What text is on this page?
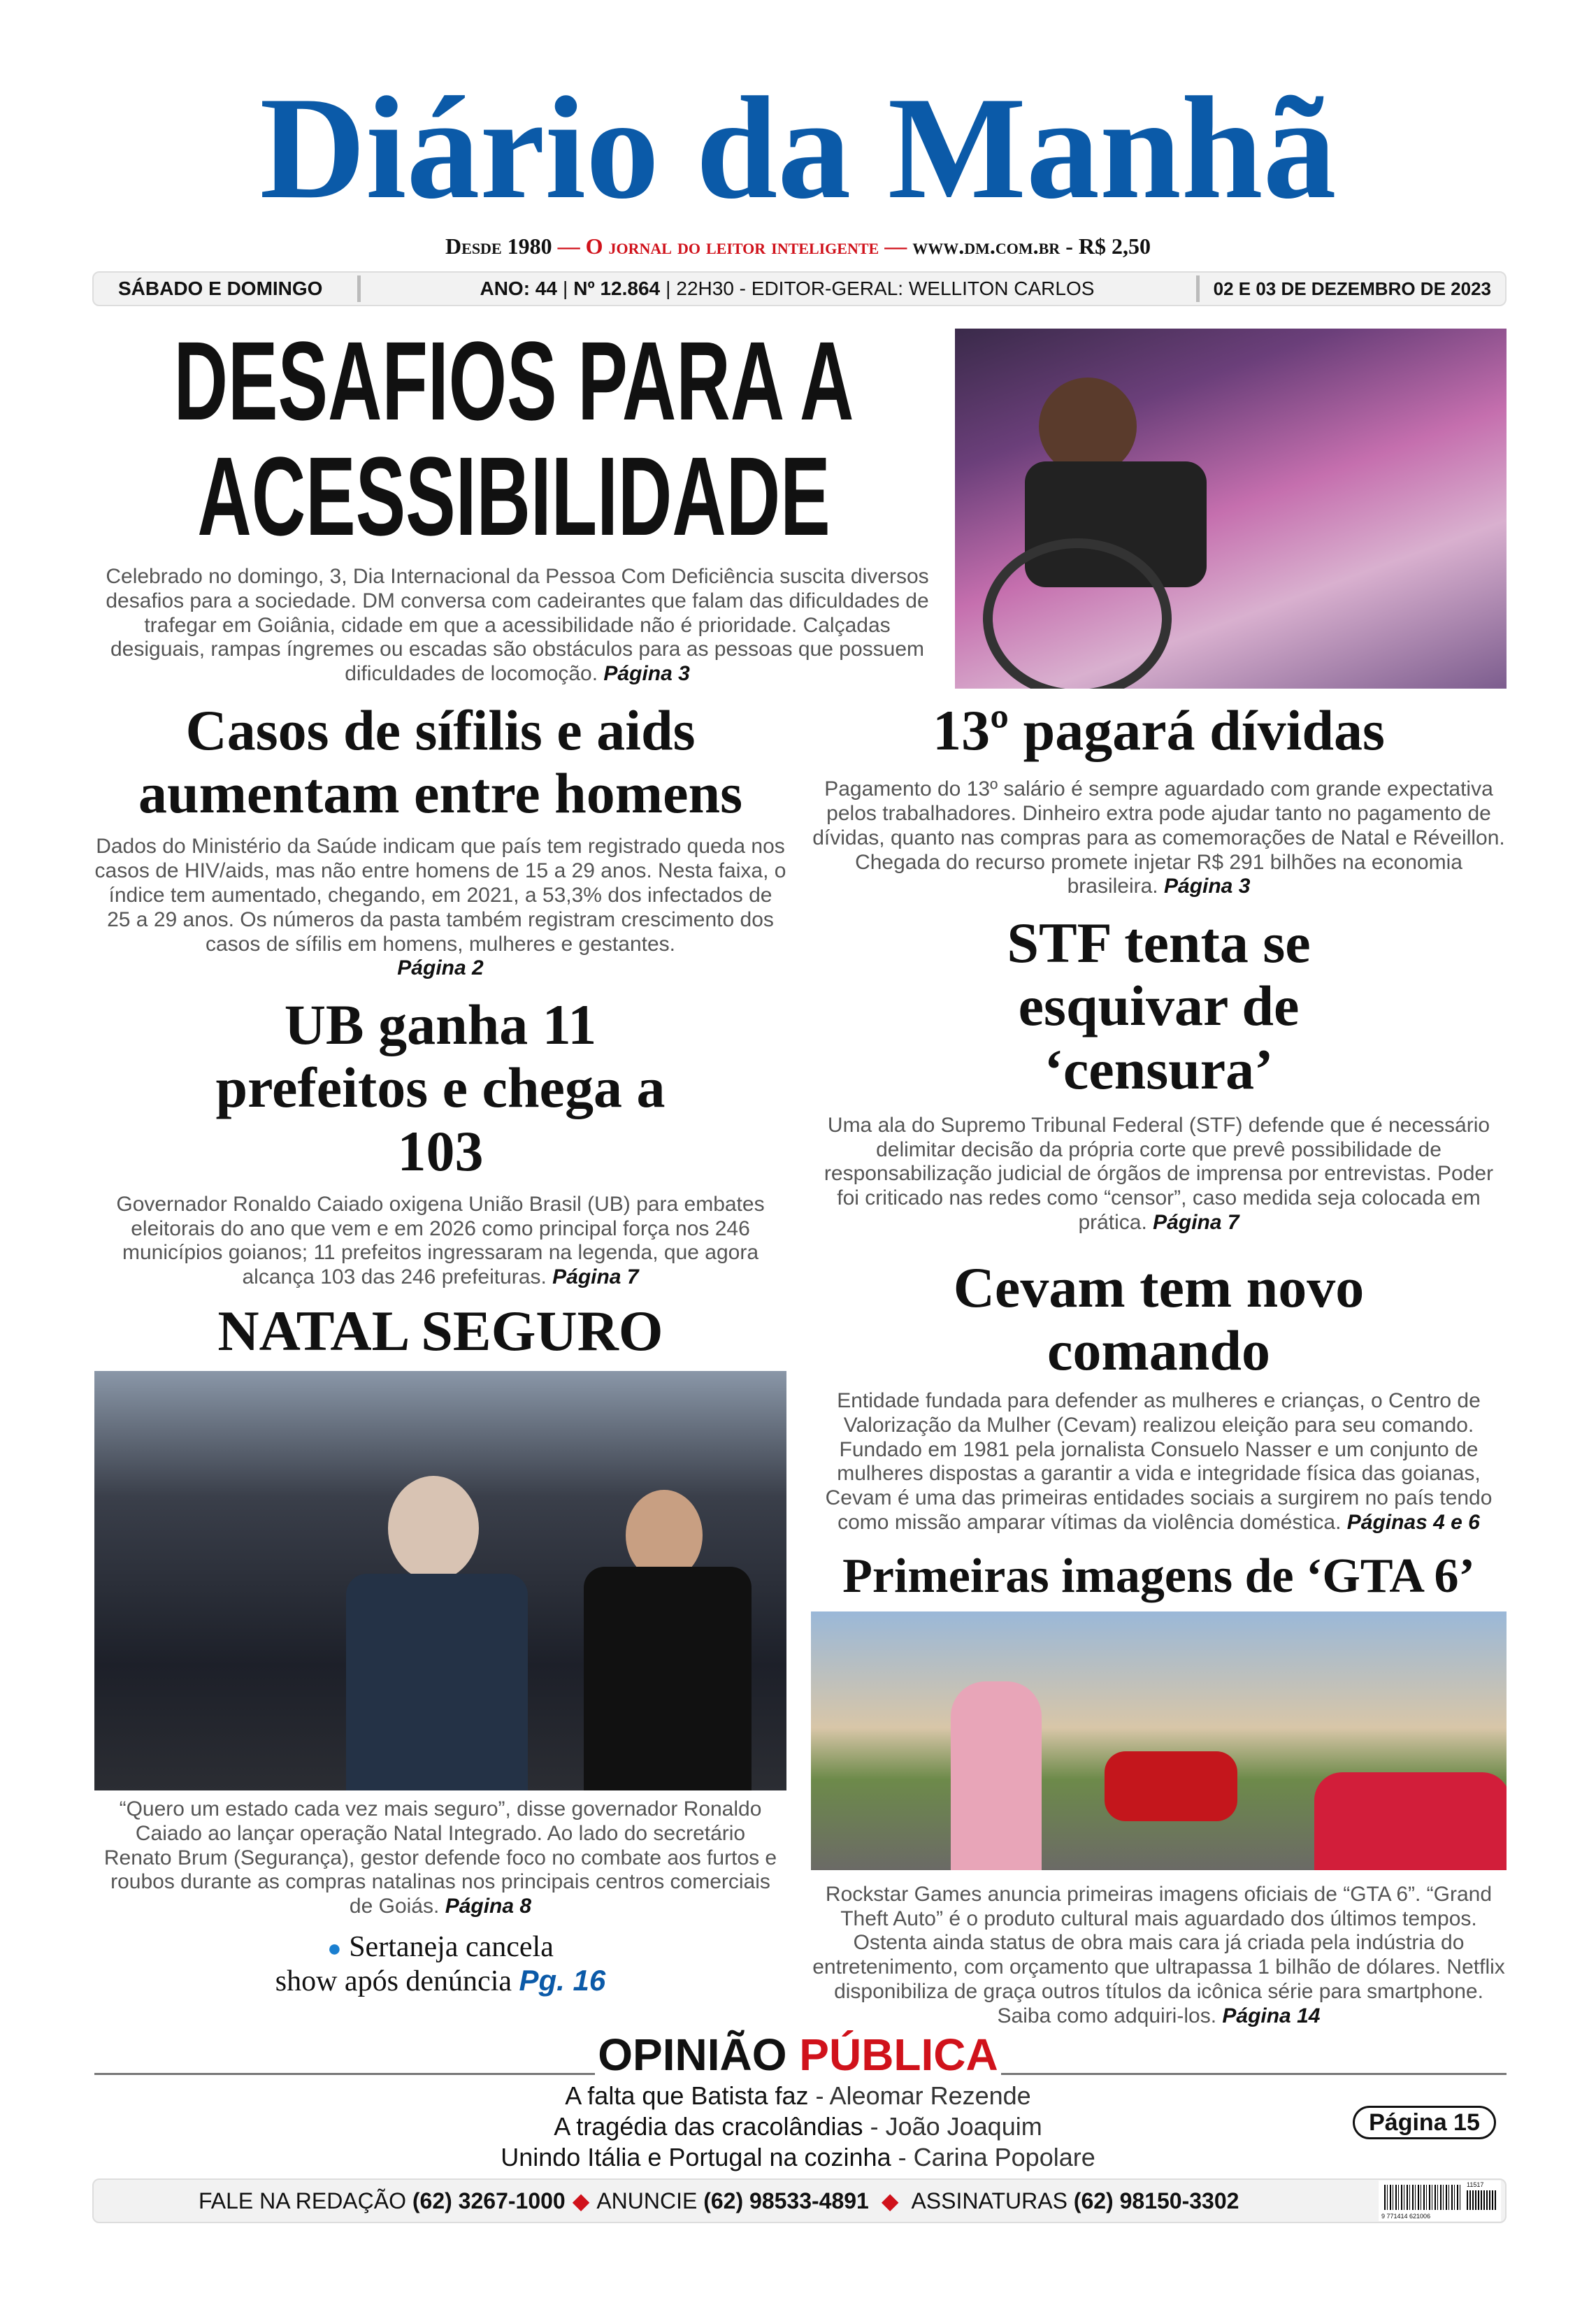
Diário da Manhã
Desde 1980 — O jornal do leitor inteligente — www.dm.com.br - R$ 2,50
SÁBADO E DOMINGO	ANO: 44 | Nº 12.864 | 22H30
- EDITOR-GERAL: WELLITON CARLOS	02 E 03 DE DEZEMBRO DE 2023
DESAFIOS PARA A
ACESSIBILIDADE
Celebrado no domingo, 3, Dia Internacional da Pessoa Com Deficiência suscita diversos desafios para a sociedade. DM conversa com cadeirantes que falam das dificuldades de trafegar em Goiânia, cidade em que a acessibilidade não é prioridade. Calçadas desiguais, rampas íngremes ou escadas são obstáculos para as pessoas que possuem dificuldades de locomoção. Página 3
Casos de sífilis e aids aumentam entre homens
Dados do Ministério da Saúde indicam que país tem registrado queda nos casos de HIV/aids, mas não entre homens de 15 a 29 anos. Nesta faixa, o índice tem aumentado, chegando, em 2021, a 53,3% dos infectados de 25 a 29 anos. Os números da pasta também registram crescimento dos casos de sífilis em homens, mulheres e gestantes.
Página 2
UB ganha 11 prefeitos e chega a 103
Governador Ronaldo Caiado oxigena União Brasil (UB) para embates eleitorais do ano que vem e em 2026 como principal força nos 246 municípios goianos; 11 prefeitos ingressaram na legenda, que agora alcança 103 das 246 prefeituras. Página 7
NATAL SEGURO
“Quero um estado cada vez mais seguro”, disse governador Ronaldo Caiado ao lançar operação Natal Integrado. Ao lado do secretário Renato Brum (Segurança), gestor defende foco no combate aos furtos e roubos durante as compras natalinas nos principais centros comerciais de Goiás. Página 8
● Sertaneja cancela
show após denúncia Pg. 16
13º pagará dívidas
Pagamento do 13º salário é sempre aguardado com grande expectativa pelos trabalhadores. Dinheiro extra pode ajudar tanto no pagamento de dívidas, quanto nas compras para as comemorações de Natal e Réveillon. Chegada do recurso promete injetar R$ 291 bilhões na economia brasileira. Página 3
STF tenta se esquivar de ‘censura’
Uma ala do Supremo Tribunal Federal (STF) defende que é necessário delimitar decisão da própria corte que prevê possibilidade de responsabilização judicial de órgãos de imprensa por entrevistas. Poder foi criticado nas redes como “censor”, caso medida seja colocada em prática. Página 7
Cevam tem novo comando
Entidade fundada para defender as mulheres e crianças, o Centro de Valorização da Mulher (Cevam) realizou eleição para seu comando. Fundado em 1981 pela jornalista Consuelo Nasser e um conjunto de mulheres dispostas a garantir a vida e integridade física das goianas, Cevam é uma das primeiras entidades sociais a surgirem no país tendo como missão amparar vítimas da violência doméstica. Páginas 4 e 6
Primeiras imagens de ‘GTA 6’
Rockstar Games anuncia primeiras imagens oficiais de “GTA 6”. “Grand Theft Auto” é o produto cultural mais aguardado dos últimos tempos. Ostenta ainda status de obra mais cara já criada pela indústria do entretenimento, com orçamento que ultrapassa 1 bilhão de dólares. Netflix disponibiliza de graça outros títulos da icônica série para smartphone. Saiba como adquiri-los. Página 14
OPINIÃO PÚBLICA
A falta que Batista faz - Aleomar Rezende
A tragédia das cracolândias - João Joaquim
Unindo Itália e Portugal na cozinha - Carina Popolare
Página 15
FALE NA REDAÇÃO
(62) 3267-1000 ◆ ANUNCIE
(62) 98533-4891 ◆ ASSINATURAS
(62) 98150-3302
11517
9 771414 621006
